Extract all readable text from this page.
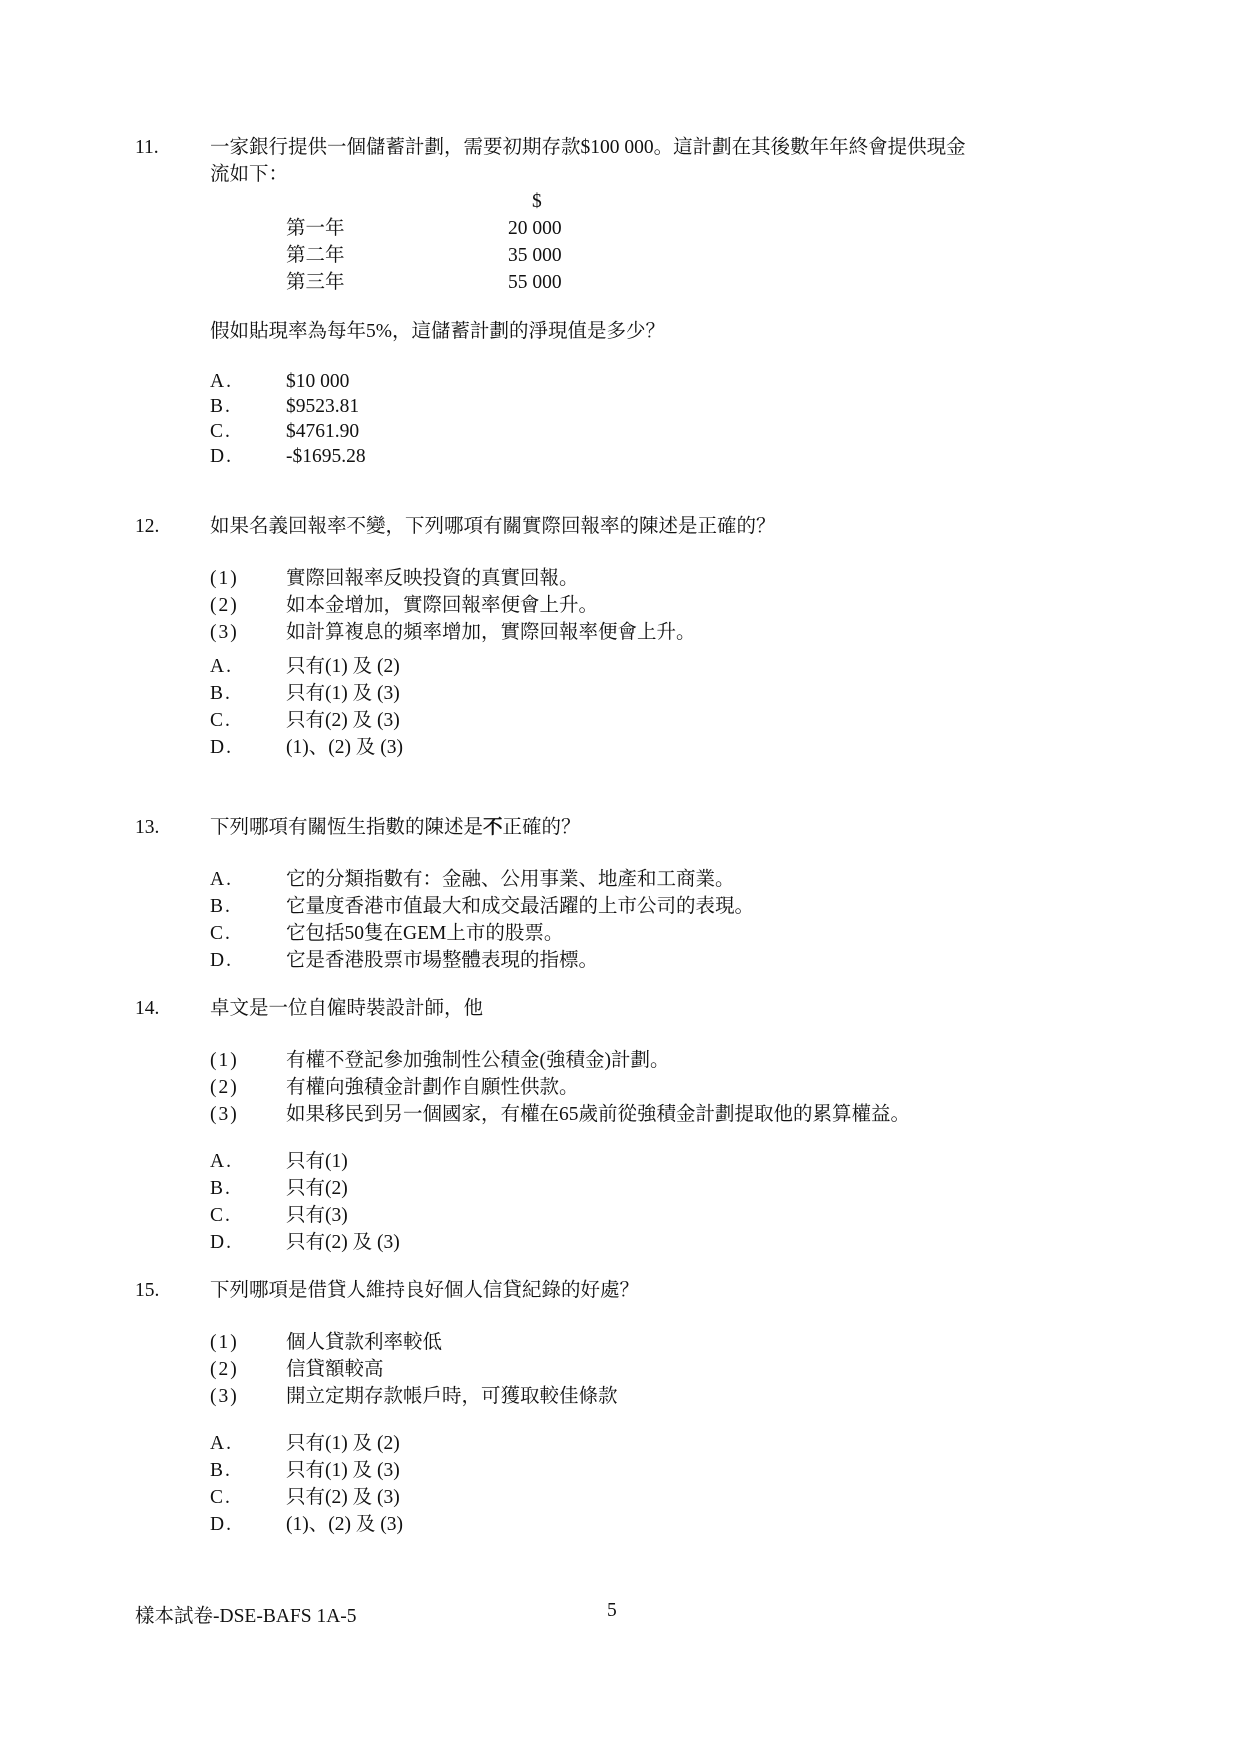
11.	一家銀行提供一個儲蓄計劃，需要初期存款$100 000。這計劃在其後數年年終會提供現金
流如下：
$
第一年	20 000
第二年	35 000
第三年	55 000
假如貼現率為每年5%，這儲蓄計劃的淨現值是多少？
A.	$10 000
B.	$9523.81
C.	$4761.90
D.	-$1695.28
12.	如果名義回報率不變，下列哪項有關實際回報率的陳述是正確的？
(1) 實際回報率反映投資的真實回報。
(2) 如本金增加，實際回報率便會上升。
(3) 如計算複息的頻率增加，實際回報率便會上升。
A.	只有(1) 及 (2)
B.	只有(1) 及 (3)
C.	只有(2) 及 (3)
D.	(1)、(2) 及 (3)
13.	下列哪項有關恆生指數的陳述是不正確的？
A.	它的分類指數有：金融、公用事業、地產和工商業。
B.	它量度香港市值最大和成交最活躍的上市公司的表現。
C.	它包括50隻在GEM上市的股票。
D.	它是香港股票市場整體表現的指標。
14.	卓文是一位自僱時裝設計師，他
(1) 有權不登記參加強制性公積金(強積金)計劃。
(2) 有權向強積金計劃作自願性供款。
(3) 如果移民到另一個國家，有權在65歲前從強積金計劃提取他的累算權益。
A.	只有(1)
B.	只有(2)
C.	只有(3)
D.	只有(2) 及 (3)
15.	下列哪項是借貸人維持良好個人信貸紀錄的好處？
(1) 個人貸款利率較低
(2) 信貸額較高
(3) 開立定期存款帳戶時，可獲取較佳條款
A.	只有(1) 及 (2)
B.	只有(1) 及 (3)
C.	只有(2) 及 (3)
D.	(1)、(2) 及 (3)
樣本試卷-DSE-BAFS 1A-5	5
